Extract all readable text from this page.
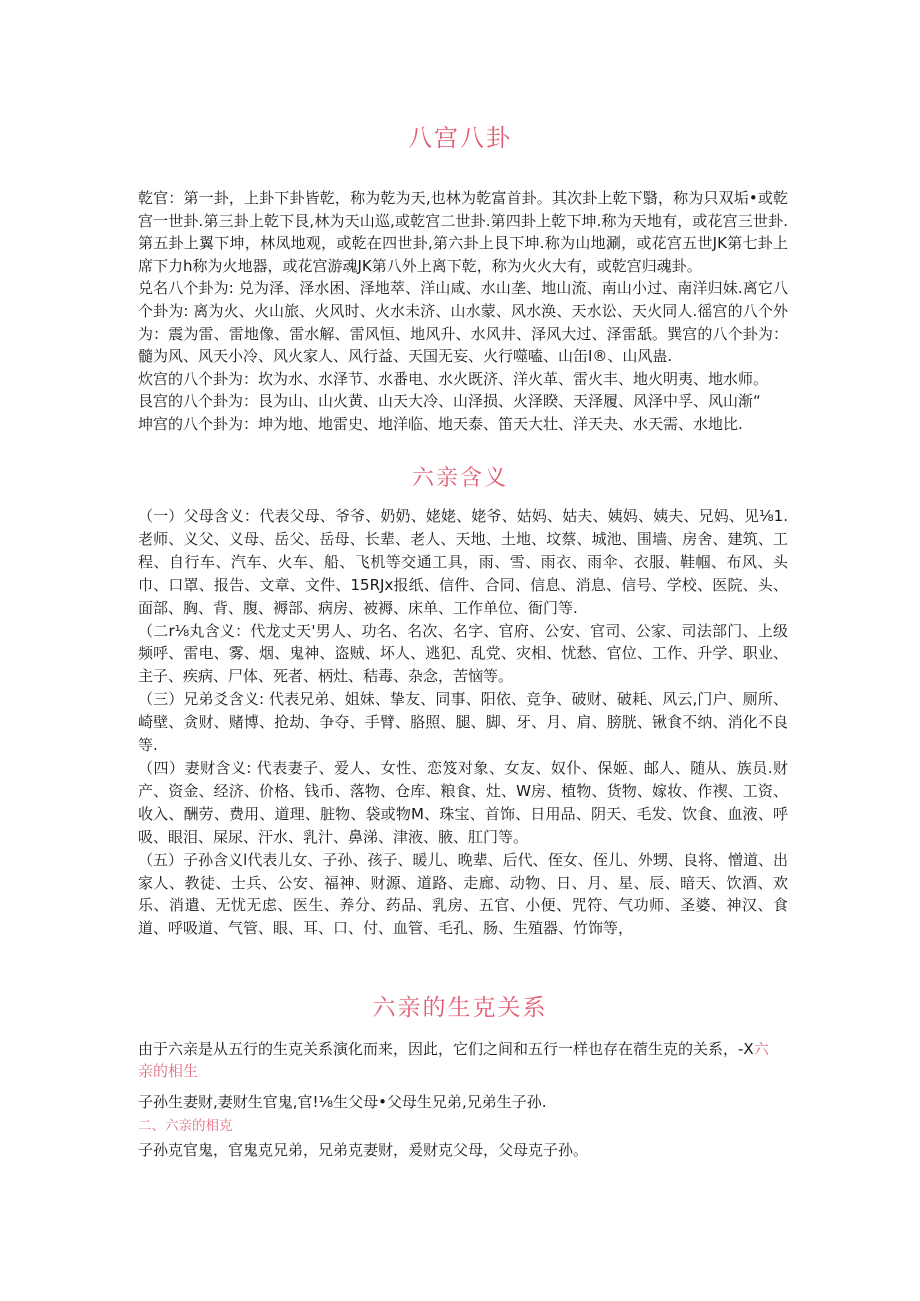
八宫八卦

乾官：第一卦，上卦下卦皆乾，称为乾为天,也林为乾富首卦。其次卦上乾下翳，称为只双垢•或乾宫一世卦.第三卦上乾下艮,林为天山巡,或乾宫二世卦.第四卦上乾下坤.称为天地有，或花宫三世卦.第五卦上翼下坤，林凤地观，或乾在四世卦,第六卦上艮下坤.称为山地涮，或花宫五世JK第七卦上席下力h称为火地器，或花宫游魂JK第八外上离下乾，称为火火大有，或乾宫归魂卦。

兑名八个卦为: 兑为泽、泽水困、泽地萃、洋山咸、水山垄、地山流、南山小过、南洋归妹.离它八个卦为: 离为火、火山旅、火风时、火水未济、山水蒙、风水涣、天水讼、天火同人.徭宫的八个外为：震为雷、雷地像、雷水解、雷风恒、地风升、水风井、泽风大过、泽雷舐。巽宫的八个卦为：髓为风、风天小冷、风火家人、风行益、天国无妄、火行噬嗑、山缶I®、山风蛊.

炊宫的八个卦为：坎为水、水泽节、水番电、水火既济、洋火革、雷火丰、地火明夷、地水师。

艮宫的八个卦为：艮为山、山火黄、山天大冷、山泽损、火泽睽、天泽履、风泽中孚、风山渐“

坤宫的八个卦为：坤为地、地雷史、地洋临、地天泰、笛天大壮、洋天夬、水天需、水地比.

六亲含义

（一）父母含义：代表父母、爷爷、奶奶、姥姥、姥爷、姑妈、姑夫、姨妈、姨夫、兄妈、见⅛1.老师、义父、义母、岳父、岳母、长辈、老人、天地、土地、坟蔡、城池、围墙、房舍、建筑、工程、自行车、汽车、火车、船、飞机等交通工具，雨、雪、雨衣、雨伞、衣服、鞋帼、布风、头巾、口罩、报告、文章、文件、15RJx报纸、信件、合同、信息、消息、信号、学校、医院、头、面部、胸、背、腹、褥部、病房、被褥、床单、工作单位、衙门等.

（二r⅛丸含义：代龙丈天'男人、功名、名次、名字、官府、公安、官司、公家、司法部门、上级频呼、雷电、雾、烟、鬼神、盗贼、坏人、逃犯、乱党、灾相、忧愁、官位、工作、升学、职业、主子、疾病、尸体、死者、柄灶、秸毒、杂念，苦恼等。

（三）兄弟爻含义: 代表兄弟、姐妹、挚友、同事、阳依、竞争、破财、破耗、风云,门户、厕所、崎壁、贪财、赌博、抢劫、争夺、手臂、胳照、腿、脚、牙、月、肩、膀胱、锹食不纳、消化不良等.

（四）妻财含义: 代表妻子、爱人、女性、恋笈对象、女友、奴仆、保姬、邮人、随从、族员.财产、资金、经济、价格、钱币、落物、仓库、粮食、灶、W房、植物、货物、嫁妆、作禊、工资、收入、酬劳、费用、道理、脏物、袋或物M、珠宝、首饰、日用品、阴天、毛发、饮食、血液、呼吸、眼泪、屎尿、汗水、乳汁、鼻涕、津液、腋、肛门等。

（五）子孙含义l代表儿女、子孙、孩子、暖儿、晚辈、后代、侄女、侄儿、外甥、良将、憎道、出家人、教徒、士兵、公安、福神、财源、道路、走廊、动物、日、月、星、辰、暗天、饮酒、欢乐、消遣、无忧无虑、医生、养分、药品、乳房、五官、小便、咒符、气功师、圣婆、神汉、食道、呼吸道、气管、眼、耳、口、付、血管、毛孔、肠、生殖器、竹饰等，

六亲的生克关系
由于六亲是从五行的生克关系演化而来，因此，它们之间和五行一样也存在蓿生克的关系，-X六
亲的相生
子孙生妻财,妻财生官鬼,官!⅛生父母•父母生兄弟,兄弟生子孙.
二、六亲的相克
子孙克官鬼，官鬼克兄弟，兄弟克妻财，爰财克父母，父母克子孙。
